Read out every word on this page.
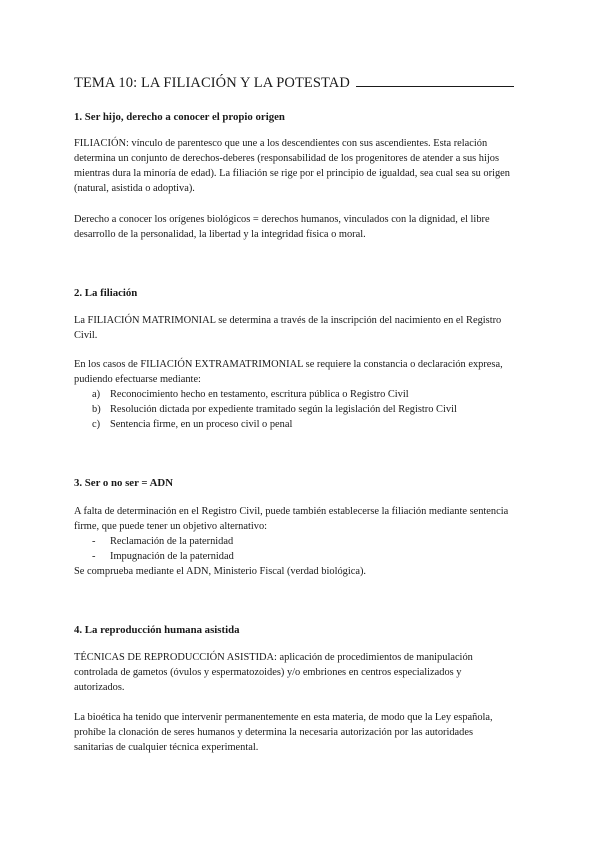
TEMA 10: LA FILIACIÓN Y LA POTESTAD
1. Ser hijo, derecho a conocer el propio origen
FILIACIÓN: vínculo de parentesco que une a los descendientes con sus ascendientes. Esta relación determina un conjunto de derechos-deberes (responsabilidad de los progenitores de atender a sus hijos mientras dura la minoría de edad). La filiación se rige por el principio de igualdad, sea cual sea su origen (natural, asistida o adoptiva).
Derecho a conocer los orígenes biológicos = derechos humanos, vinculados con la dignidad, el libre desarrollo de la personalidad, la libertad y la integridad física o moral.
2. La filiación
La FILIACIÓN MATRIMONIAL se determina a través de la inscripción del nacimiento en el Registro Civil.
En los casos de FILIACIÓN EXTRAMATRIMONIAL se requiere la constancia o declaración expresa, pudiendo efectuarse mediante:
a) Reconocimiento hecho en testamento, escritura pública o Registro Civil
b) Resolución dictada por expediente tramitado según la legislación del Registro Civil
c) Sentencia firme, en un proceso civil o penal
3. Ser o no ser = ADN
A falta de determinación en el Registro Civil, puede también establecerse la filiación mediante sentencia firme, que puede tener un objetivo alternativo:
- Reclamación de la paternidad
- Impugnación de la paternidad
Se comprueba mediante el ADN, Ministerio Fiscal (verdad biológica).
4. La reproducción humana asistida
TÉCNICAS DE REPRODUCCIÓN ASISTIDA: aplicación de procedimientos de manipulación controlada de gametos (óvulos y espermatozoides) y/o embriones en centros especializados y autorizados.
La bioética ha tenido que intervenir permanentemente en esta materia, de modo que la Ley española, prohíbe la clonación de seres humanos y determina la necesaria autorización por las autoridades sanitarias de cualquier técnica experimental.
